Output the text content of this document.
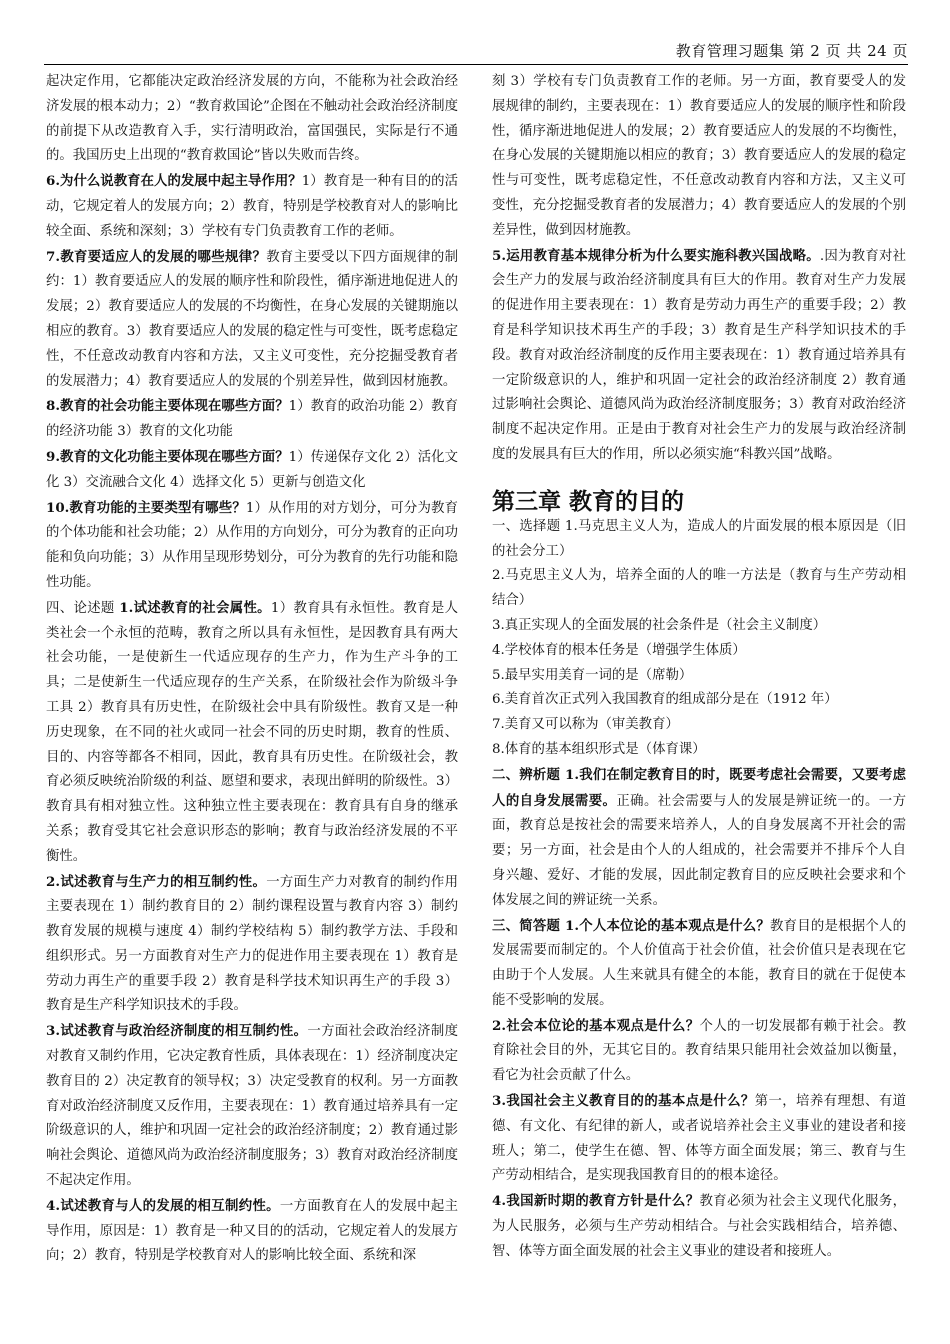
教育管理习题集 第 2 页 共 24 页

起决定作用，它都能决定政治经济发展的方向，不能称为社会政治经济发展的根本动力；2）“教育救国论”企图在不触动社会政治经济制度的前提下从改造教育入手，实行清明政治，富国强民，实际是行不通的。我国历史上出现的“教育救国论”皆以失败而告终。

6.为什么说教育在人的发展中起主导作用？1）教育是一种有目的的活动，它规定着人的发展方向；2）教育，特别是学校教育对人的影响比较全面、系统和深刻；3）学校有专门负责教育工作的老师。

7.教育要适应人的发展的哪些规律？教育主要受以下四方面规律的制约：1）教育要适应人的发展的顺序性和阶段性，循序渐进地促进人的发展；2）教育要适应人的发展的不均衡性，在身心发展的关键期施以相应的教育。3）教育要适应人的发展的稳定性与可变性，既考虑稳定性，不任意改动教育内容和方法，又主义可变性，充分挖掘受教育者的发展潜力；4）教育要适应人的发展的个别差异性，做到因材施教。

8.教育的社会功能主要体现在哪些方面？1）教育的政治功能 2）教育的经济功能 3）教育的文化功能

9.教育的文化功能主要体现在哪些方面？1）传递保存文化 2）活化文化 3）交流融合文化 4）选择文化 5）更新与创造文化

10.教育功能的主要类型有哪些？1）从作用的对方划分，可分为教育的个体功能和社会功能；2）从作用的方向划分，可分为教育的正向功能和负向功能；3）从作用呈现形势划分，可分为教育的先行功能和隐性功能。

四、论述题 1.试述教育的社会属性。1）教育具有永恒性。教育是人类社会一个永恒的范畴，教育之所以具有永恒性，是因教育具有两大社会功能，一是使新生一代适应现存的生产力，作为生产斗争的工具；二是使新生一代适应现存的生产关系，在阶级社会作为阶级斗争工具 2）教育具有历史性，在阶级社会中具有阶级性。教育又是一种历史现象，在不同的社火或同一社会不同的历史时期，教育的性质、目的、内容等都各不相同，因此，教育具有历史性。在阶级社会，教育必须反映统治阶级的利益、愿望和要求，表现出鲜明的阶级性。3）教育具有相对独立性。这种独立性主要表现在：教育具有自身的继承关系；教育受其它社会意识形态的影响；教育与政治经济发展的不平衡性。

2.试述教育与生产力的相互制约性。一方面生产力对教育的制约作用主要表现在 1）制约教育目的 2）制约课程设置与教育内容 3）制约教育发展的规模与速度 4）制约学校结构 5）制约教学方法、手段和组织形式。另一方面教育对生产力的促进作用主要表现在 1）教育是劳动力再生产的重要手段 2）教育是科学技术知识再生产的手段 3）教育是生产科学知识技术的手段。

3.试述教育与政治经济制度的相互制约性。一方面社会政治经济制度对教育又制约作用，它决定教育性质，具体表现在：1）经济制度决定教育目的 2）决定教育的领导权；3）决定受教育的权利。另一方面教育对政治经济制度又反作用，主要表现在：1）教育通过培养具有一定阶级意识的人，维护和巩固一定社会的政治经济制度；2）教育通过影响社会舆论、道德风尚为政治经济制度服务；3）教育对政治经济制度不起决定作用。

4.试述教育与人的发展的相互制约性。一方面教育在人的发展中起主导作用，原因是：1）教育是一种又目的的活动，它规定着人的发展方向；2）教育，特别是学校教育对人的影响比较全面、系统和深

刻 3）学校有专门负责教育工作的老师。另一方面，教育要受人的发展规律的制约，主要表现在：1）教育要适应人的发展的顺序性和阶段性，循序渐进地促进人的发展；2）教育要适应人的发展的不均衡性，在身心发展的关键期施以相应的教育；3）教育要适应人的发展的稳定性与可变性，既考虑稳定性，不任意改动教育内容和方法，又主义可变性，充分挖掘受教育者的发展潜力；4）教育要适应人的发展的个别差异性，做到因材施教。

5.运用教育基本规律分析为什么要实施科教兴国战略。.因为教育对社会生产力的发展与政治经济制度具有巨大的作用。教育对生产力发展的促进作用主要表现在：1）教育是劳动力再生产的重要手段；2）教育是科学知识技术再生产的手段；3）教育是生产科学知识技术的手段。教育对政治经济制度的反作用主要表现在：1）教育通过培养具有一定阶级意识的人，维护和巩固一定社会的政治经济制度 2）教育通过影响社会舆论、道德风尚为政治经济制度服务；3）教育对政治经济制度不起决定作用。正是由于教育对社会生产力的发展与政治经济制度的发展具有巨大的作用，所以必须实施“科教兴国”战略。

第三章 教育的目的

一、选择题 1.马克思主义人为，造成人的片面发展的根本原因是（旧的社会分工）

2.马克思主义人为，培养全面的人的唯一方法是（教育与生产劳动相结合）

3.真正实现人的全面发展的社会条件是（社会主义制度）

4.学校体育的根本任务是（增强学生体质）

5.最早实用美育一词的是（席勒）

6.美育首次正式列入我国教育的组成部分是在（1912 年）

7.美育又可以称为（审美教育）

8.体育的基本组织形式是（体育课）

二、辨析题 1.我们在制定教育目的时，既要考虑社会需要，又要考虑人的自身发展需要。正确。社会需要与人的发展是辨证统一的。一方面，教育总是按社会的需要来培养人，人的自身发展离不开社会的需要；另一方面，社会是由个人的人组成的，社会需要并不排斥个人自身兴趣、爱好、才能的发展，因此制定教育目的应反映社会要求和个体发展之间的辨证统一关系。

三、简答题 1.个人本位论的基本观点是什么？教育目的是根据个人的发展需要而制定的。个人价值高于社会价值，社会价值只是表现在它由助于个人发展。人生来就具有健全的本能，教育目的就在于促使本能不受影响的发展。

2.社会本位论的基本观点是什么？个人的一切发展都有赖于社会。教育除社会目的外，无其它目的。教育结果只能用社会效益加以衡量，看它为社会贡献了什么。

3.我国社会主义教育目的的基本点是什么？第一，培养有理想、有道德、有文化、有纪律的新人，或者说培养社会主义事业的建设者和接班人；第二，使学生在德、智、体等方面全面发展；第三、教育与生产劳动相结合，是实现我国教育目的的根本途径。

4.我国新时期的教育方针是什么？教育必须为社会主义现代化服务，为人民服务，必须与生产劳动相结合。与社会实践相结合，培养德、智、体等方面全面发展的社会主义事业的建设者和接班人。
